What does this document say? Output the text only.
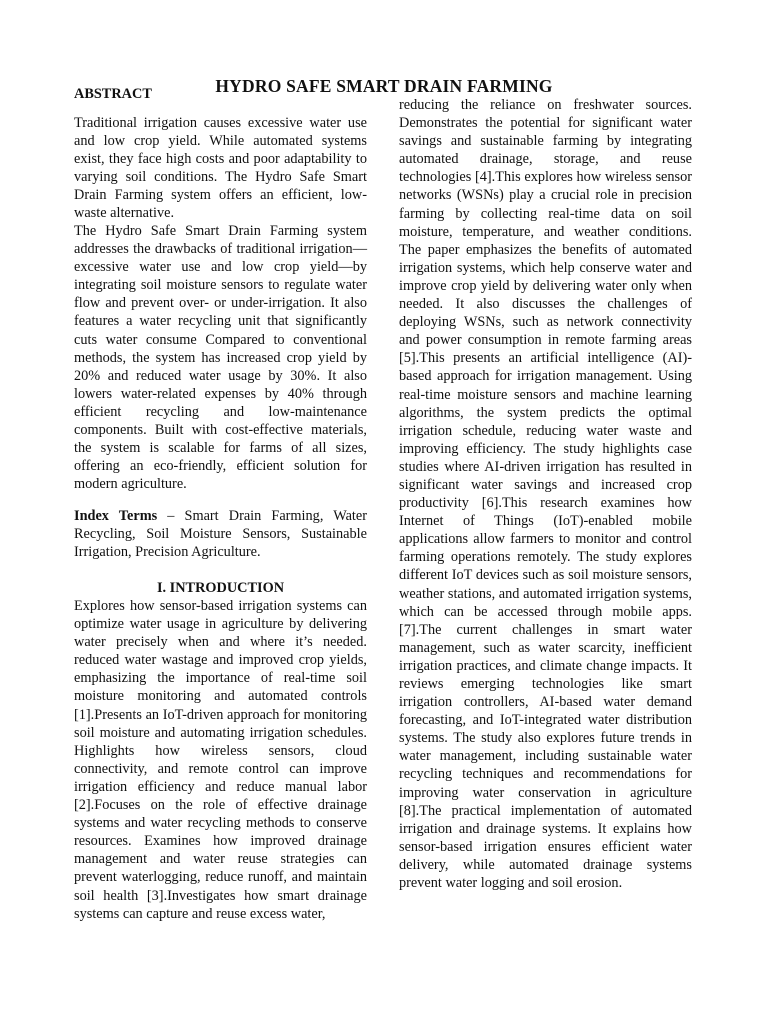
HYDRO SAFE SMART DRAIN FARMING
ABSTRACT

Traditional irrigation causes excessive water use and low crop yield. While automated systems exist, they face high costs and poor adaptability to varying soil conditions. The Hydro Safe Smart Drain Farming system offers an efficient, low-waste alternative.

The Hydro Safe Smart Drain Farming system addresses the drawbacks of traditional irrigation—excessive water use and low crop yield—by integrating soil moisture sensors to regulate water flow and prevent over- or under-irrigation. It also features a water recycling unit that significantly cuts water consume Compared to conventional methods, the system has increased crop yield by 20% and reduced water usage by 30%. It also lowers water-related expenses by 40% through efficient recycling and low-maintenance components. Built with cost-effective materials, the system is scalable for farms of all sizes, offering an eco-friendly, efficient solution for modern agriculture.

Index Terms – Smart Drain Farming, Water Recycling, Soil Moisture Sensors, Sustainable Irrigation, Precision Agriculture.

I. INTRODUCTION

Explores how sensor-based irrigation systems can optimize water usage in agriculture by delivering water precisely when and where it’s needed. reduced water wastage and improved crop yields, emphasizing the importance of real-time soil moisture monitoring and automated controls [1].Presents an IoT-driven approach for monitoring soil moisture and automating irrigation schedules. Highlights how wireless sensors, cloud connectivity, and remote control can improve irrigation efficiency and reduce manual labor [2].Focuses on the role of effective drainage systems and water recycling methods to conserve resources. Examines how improved drainage management and water reuse strategies can prevent waterlogging, reduce runoff, and maintain soil health [3].Investigates how smart drainage systems can capture and reuse excess water,

reducing the reliance on freshwater sources. Demonstrates the potential for significant water savings and sustainable farming by integrating automated drainage, storage, and reuse technologies [4].This explores how wireless sensor networks (WSNs) play a crucial role in precision farming by collecting real-time data on soil moisture, temperature, and weather conditions. The paper emphasizes the benefits of automated irrigation systems, which help conserve water and improve crop yield by delivering water only when needed. It also discusses the challenges of deploying WSNs, such as network connectivity and power consumption in remote farming areas [5].This presents an artificial intelligence (AI)-based approach for irrigation management. Using real-time moisture sensors and machine learning algorithms, the system predicts the optimal irrigation schedule, reducing water waste and improving efficiency. The study highlights case studies where AI-driven irrigation has resulted in significant water savings and increased crop productivity [6].This research examines how Internet of Things (IoT)-enabled mobile applications allow farmers to monitor and control farming operations remotely. The study explores different IoT devices such as soil moisture sensors, weather stations, and automated irrigation systems, which can be accessed through mobile apps.[7].The current challenges in smart water management, such as water scarcity, inefficient irrigation practices, and climate change impacts. It reviews emerging technologies like smart irrigation controllers, AI-based water demand forecasting, and IoT-integrated water distribution systems. The study also explores future trends in water management, including sustainable water recycling techniques and recommendations for improving water conservation in agriculture [8].The practical implementation of automated irrigation and drainage systems. It explains how sensor-based irrigation ensures efficient water delivery, while automated drainage systems prevent water logging and soil erosion.
